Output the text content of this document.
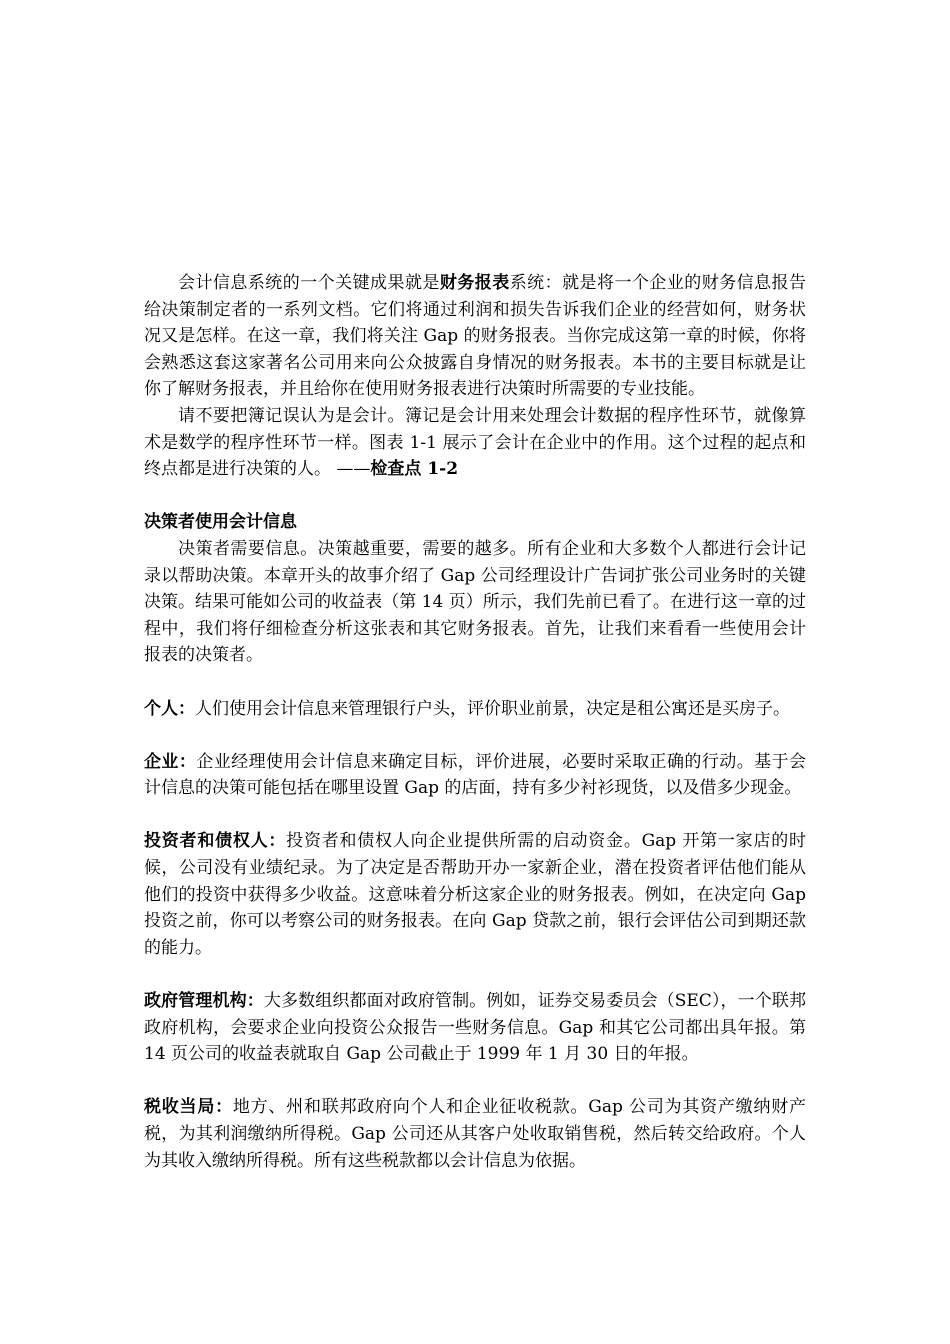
会计信息系统的一个关键成果就是财务报表系统：就是将一个企业的财务信息报告给决策制定者的一系列文档。它们将通过利润和损失告诉我们企业的经营如何，财务状况又是怎样。在这一章，我们将关注 Gap 的财务报表。当你完成这第一章的时候，你将会熟悉这套这家著名公司用来向公众披露自身情况的财务报表。本书的主要目标就是让你了解财务报表，并且给你在使用财务报表进行决策时所需要的专业技能。

请不要把簿记误认为是会计。簿记是会计用来处理会计数据的程序性环节，就像算术是数学的程序性环节一样。图表 1-1 展示了会计在企业中的作用。这个过程的起点和终点都是进行决策的人。 ——检查点 1-2

决策者使用会计信息

决策者需要信息。决策越重要，需要的越多。所有企业和大多数个人都进行会计记录以帮助决策。本章开头的故事介绍了 Gap 公司经理设计广告词扩张公司业务时的关键决策。结果可能如公司的收益表（第 14 页）所示，我们先前已看了。在进行这一章的过程中，我们将仔细检查分析这张表和其它财务报表。首先，让我们来看看一些使用会计报表的决策者。

个人：人们使用会计信息来管理银行户头，评价职业前景，决定是租公寓还是买房子。

企业：企业经理使用会计信息来确定目标，评价进展，必要时采取正确的行动。基于会计信息的决策可能包括在哪里设置 Gap 的店面，持有多少衬衫现货，以及借多少现金。

投资者和债权人：投资者和债权人向企业提供所需的启动资金。Gap 开第一家店的时候，公司没有业绩纪录。为了决定是否帮助开办一家新企业，潜在投资者评估他们能从他们的投资中获得多少收益。这意味着分析这家企业的财务报表。例如，在决定向 Gap 投资之前，你可以考察公司的财务报表。在向 Gap 贷款之前，银行会评估公司到期还款的能力。

政府管理机构：大多数组织都面对政府管制。例如，证券交易委员会（SEC），一个联邦政府机构，会要求企业向投资公众报告一些财务信息。Gap 和其它公司都出具年报。第 14 页公司的收益表就取自 Gap 公司截止于 1999 年 1 月 30 日的年报。

税收当局：地方、州和联邦政府向个人和企业征收税款。Gap 公司为其资产缴纳财产税，为其利润缴纳所得税。Gap 公司还从其客户处收取销售税，然后转交给政府。个人为其收入缴纳所得税。所有这些税款都以会计信息为依据。
